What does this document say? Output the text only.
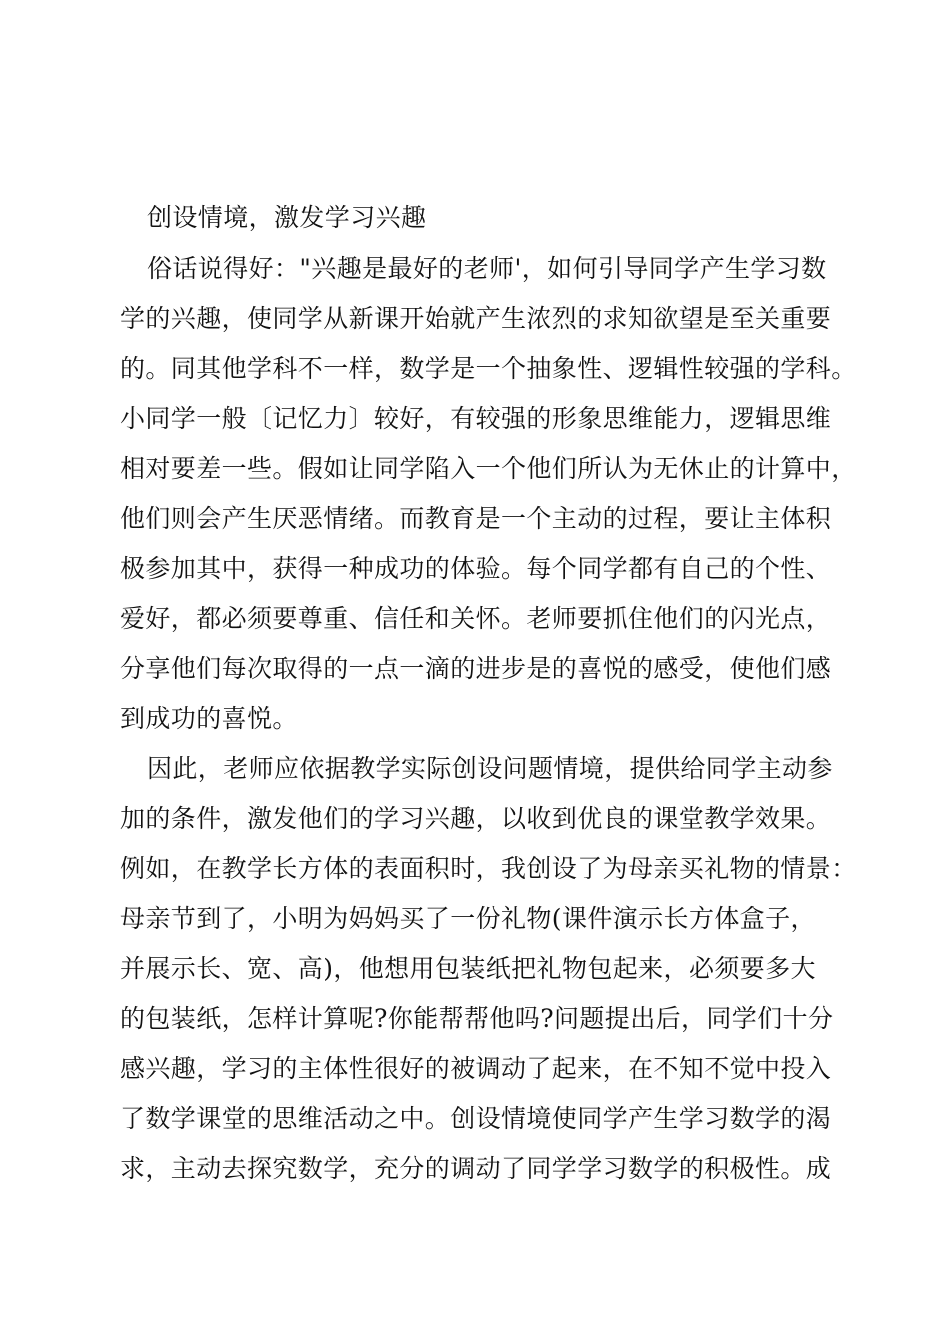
创设情境，激发学习兴趣
俗话说得好："兴趣是最好的老师'，如何引导同学产生学习数
学的兴趣，使同学从新课开始就产生浓烈的求知欲望是至关重要
的。同其他学科不一样，数学是一个抽象性、逻辑性较强的学科。
小同学一般〔记忆力〕较好，有较强的形象思维能力，逻辑思维
相对要差一些。假如让同学陷入一个他们所认为无休止的计算中，
他们则会产生厌恶情绪。而教育是一个主动的过程，要让主体积
极参加其中，获得一种成功的体验。每个同学都有自己的个性、
爱好，都必须要尊重、信任和关怀。老师要抓住他们的闪光点，
分享他们每次取得的一点一滴的进步是的喜悦的感受，使他们感
到成功的喜悦。
因此，老师应依据教学实际创设问题情境，提供给同学主动参
加的条件，激发他们的学习兴趣，以收到优良的课堂教学效果。
例如，在教学长方体的表面积时，我创设了为母亲买礼物的情景：
母亲节到了，小明为妈妈买了一份礼物(课件演示长方体盒子，
并展示长、宽、高)，他想用包装纸把礼物包起来，必须要多大
的包装纸，怎样计算呢?你能帮帮他吗?问题提出后，同学们十分
感兴趣，学习的主体性很好的被调动了起来，在不知不觉中投入
了数学课堂的思维活动之中。创设情境使同学产生学习数学的渴
求，主动去探究数学，充分的调动了同学学习数学的积极性。成
